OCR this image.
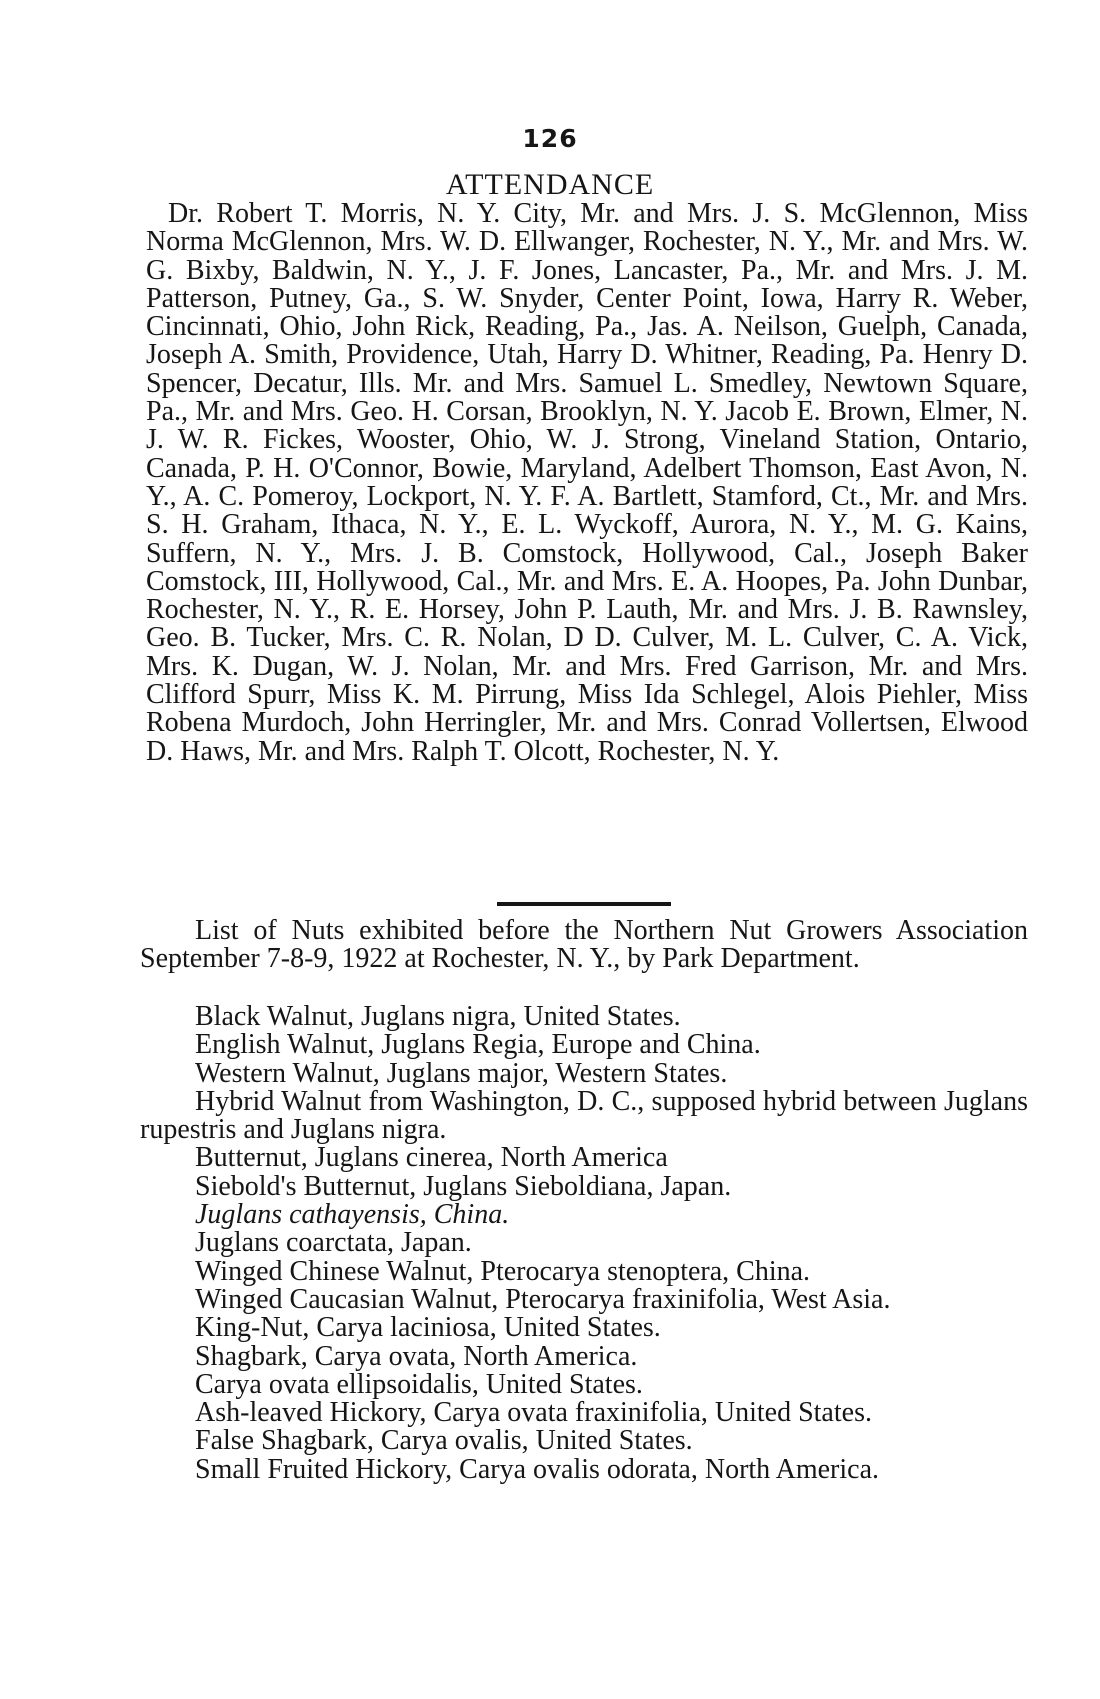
126
ATTENDANCE

Dr. Robert T. Morris, N. Y. City, Mr. and Mrs. J. S. McGlennon, Miss Norma McGlennon, Mrs. W. D. Ellwanger, Rochester, N. Y., Mr. and Mrs. W. G. Bixby, Baldwin, N. Y., J. F. Jones, Lancaster, Pa., Mr. and Mrs. J. M. Patterson, Putney, Ga., S. W. Snyder, Center Point, Iowa, Harry R. Weber, Cincinnati, Ohio, John Rick, Reading, Pa., Jas. A. Neilson, Guelph, Canada, Joseph A. Smith, Providence, Utah, Harry D. Whitner, Reading, Pa. Henry D. Spencer, Decatur, Ills. Mr. and Mrs. Samuel L. Smedley, Newtown Square, Pa., Mr. and Mrs. Geo. H. Corsan, Brooklyn, N. Y. Jacob E. Brown, Elmer, N. J. W. R. Fickes, Wooster, Ohio, W. J. Strong, Vineland Station, Ontario, Canada, P. H. O'Connor, Bowie, Maryland, Adelbert Thomson, East Avon, N. Y., A. C. Pomeroy, Lockport, N. Y. F. A. Bartlett, Stamford, Ct., Mr. and Mrs. S. H. Graham, Ithaca, N. Y., E. L. Wyckoff, Aurora, N. Y., M. G. Kains, Suffern, N. Y., Mrs. J. B. Comstock, Hollywood, Cal., Joseph Baker Comstock, III, Hollywood, Cal., Mr. and Mrs. E. A. Hoopes, Pa. John Dunbar, Rochester, N. Y., R. E. Horsey, John P. Lauth, Mr. and Mrs. J. B. Rawnsley, Geo. B. Tucker, Mrs. C. R. Nolan, D D. Culver, M. L. Culver, C. A. Vick, Mrs. K. Dugan, W. J. Nolan, Mr. and Mrs. Fred Garrison, Mr. and Mrs. Clifford Spurr, Miss K. M. Pirrung, Miss Ida Schlegel, Alois Piehler, Miss Robena Murdoch, John Herringler, Mr. and Mrs. Conrad Vollertsen, Elwood D. Haws, Mr. and Mrs. Ralph T. Olcott, Rochester, N. Y.

List of Nuts exhibited before the Northern Nut Growers Association September 7-8-9, 1922 at Rochester, N. Y., by Park Department.

Black Walnut, Juglans nigra, United States.
English Walnut, Juglans Regia, Europe and China.
Western Walnut, Juglans major, Western States.
Hybrid Walnut from Washington, D. C., supposed hybrid between Juglans rupestris and Juglans nigra.
Butternut, Juglans cinerea, North America
Siebold's Butternut, Juglans Sieboldiana, Japan.
Juglans cathayensis, China.
Juglans coarctata, Japan.
Winged Chinese Walnut, Pterocarya stenoptera, China.
Winged Caucasian Walnut, Pterocarya fraxinifolia, West Asia.
King-Nut, Carya laciniosa, United States.
Shagbark, Carya ovata, North America.
Carya ovata ellipsoidalis, United States.
Ash-leaved Hickory, Carya ovata fraxinifolia, United States.
False Shagbark, Carya ovalis, United States.
Small Fruited Hickory, Carya ovalis odorata, North America.
